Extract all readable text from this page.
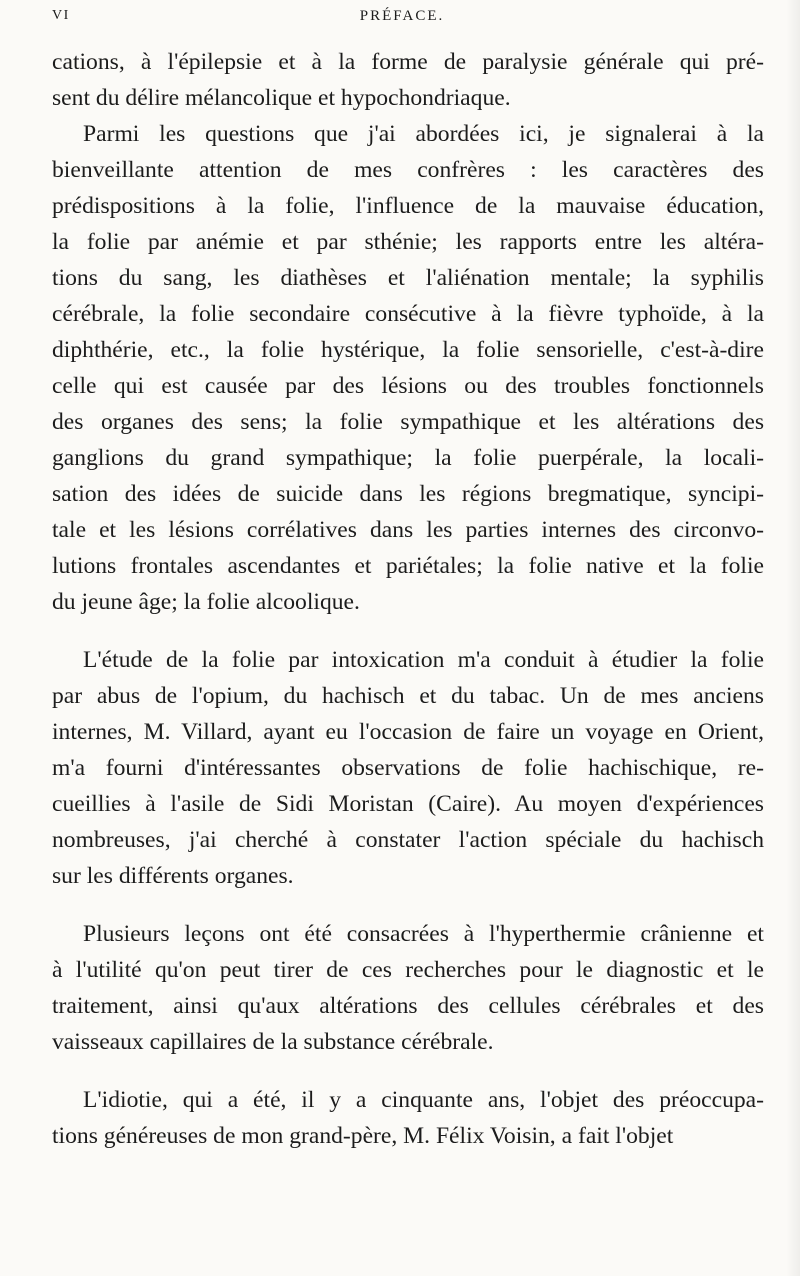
VI	PRÉFACE.
cations, à l'épilepsie et à la forme de paralysie générale qui pré-
sent du délire mélancolique et hypochondriaque.
Parmi les questions que j'ai abordées ici, je signalerai à la
bienveillante attention de mes confrères : les caractères des
prédispositions à la folie, l'influence de la mauvaise éducation,
la folie par anémie et par sthénie; les rapports entre les altéra-
tions du sang, les diathèses et l'aliénation mentale; la syphilis
cérébrale, la folie secondaire consécutive à la fièvre typhoïde, à la
diphthérie, etc., la folie hystérique, la folie sensorielle, c'est-à-dire
celle qui est causée par des lésions ou des troubles fonctionnels
des organes des sens; la folie sympathique et les altérations des
ganglions du grand sympathique; la folie puerpérale, la locali-
sation des idées de suicide dans les régions bregmatique, syncipi-
tale et les lésions corrélatives dans les parties internes des circonvo-
lutions frontales ascendantes et pariétales; la folie native et la folie
du jeune âge; la folie alcoolique.
L'étude de la folie par intoxication m'a conduit à étudier la folie
par abus de l'opium, du hachisch et du tabac. Un de mes anciens
internes, M. Villard, ayant eu l'occasion de faire un voyage en Orient,
m'a fourni d'intéressantes observations de folie hachischique, re-
cueillies à l'asile de Sidi Moristan (Caire). Au moyen d'expériences
nombreuses, j'ai cherché à constater l'action spéciale du hachisch
sur les différents organes.
Plusieurs leçons ont été consacrées à l'hyperthermie crânienne et
à l'utilité qu'on peut tirer de ces recherches pour le diagnostic et le
traitement, ainsi qu'aux altérations des cellules cérébrales et des
vaisseaux capillaires de la substance cérébrale.
L'idiotie, qui a été, il y a cinquante ans, l'objet des préoccupa-
tions généreuses de mon grand-père, M. Félix Voisin, a fait l'objet
